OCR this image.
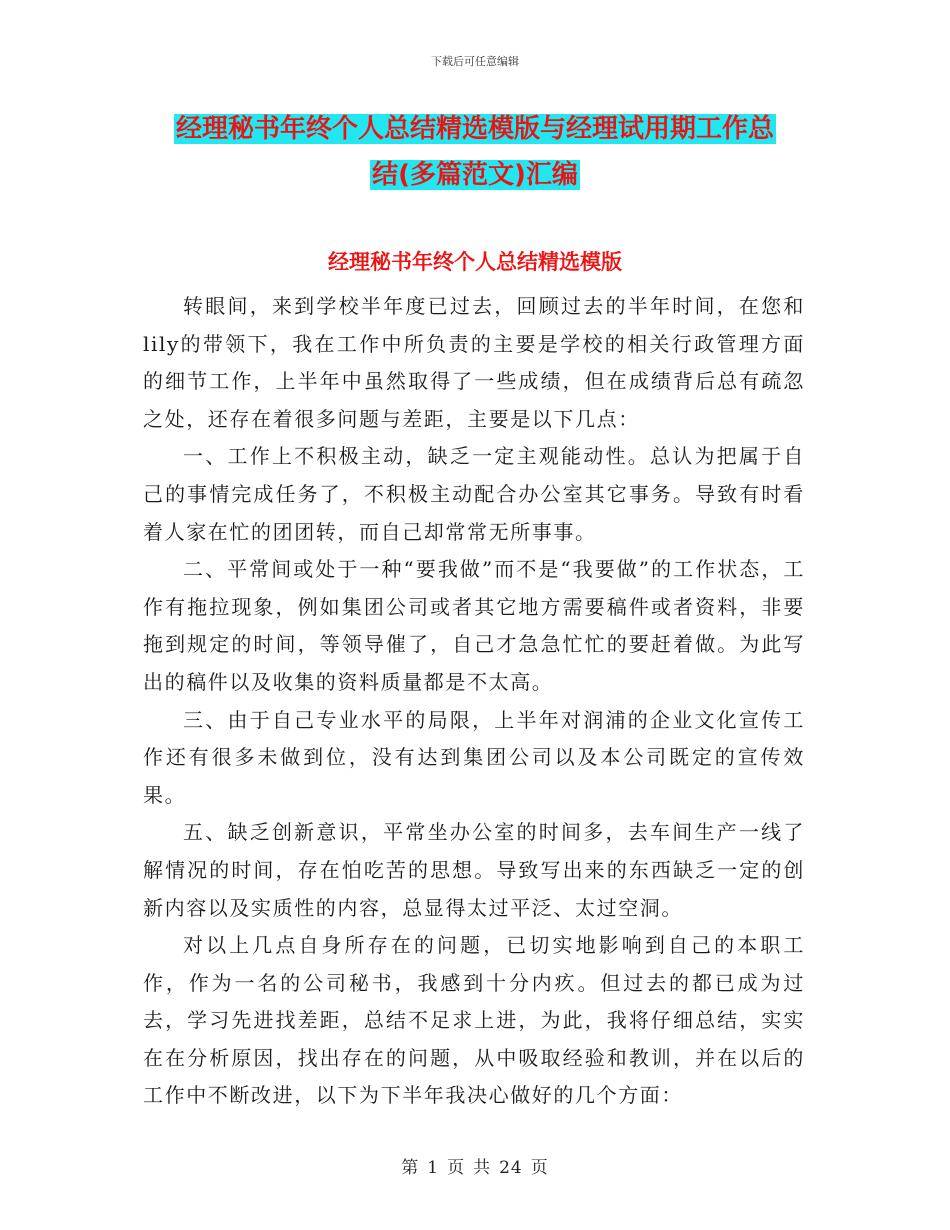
下载后可任意编辑
经理秘书年终个人总结精选模版与经理试用期工作总
结(多篇范文)汇编
经理秘书年终个人总结精选模版

转眼间，来到学校半年度已过去，回顾过去的半年时间，在您和lily的带领下，我在工作中所负责的主要是学校的相关行政管理方面的细节工作，上半年中虽然取得了一些成绩，但在成绩背后总有疏忽之处，还存在着很多问题与差距，主要是以下几点：

一、工作上不积极主动，缺乏一定主观能动性。总认为把属于自己的事情完成任务了，不积极主动配合办公室其它事务。导致有时看着人家在忙的团团转，而自己却常常无所事事。

二、平常间或处于一种“要我做”而不是“我要做”的工作状态，工作有拖拉现象，例如集团公司或者其它地方需要稿件或者资料，非要拖到规定的时间，等领导催了，自己才急急忙忙的要赶着做。为此写出的稿件以及收集的资料质量都是不太高。

三、由于自己专业水平的局限，上半年对润浦的企业文化宣传工作还有很多未做到位，没有达到集团公司以及本公司既定的宣传效果。

五、缺乏创新意识，平常坐办公室的时间多，去车间生产一线了解情况的时间，存在怕吃苦的思想。导致写出来的东西缺乏一定的创新内容以及实质性的内容，总显得太过平泛、太过空洞。

对以上几点自身所存在的问题，已切实地影响到自己的本职工作，作为一名的公司秘书，我感到十分内疚。但过去的都已成为过去，学习先进找差距，总结不足求上进，为此，我将仔细总结，实实在在分析原因，找出存在的问题，从中吸取经验和教训，并在以后的工作中不断改进，以下为下半年我决心做好的几个方面：

第 1 页 共 24 页
